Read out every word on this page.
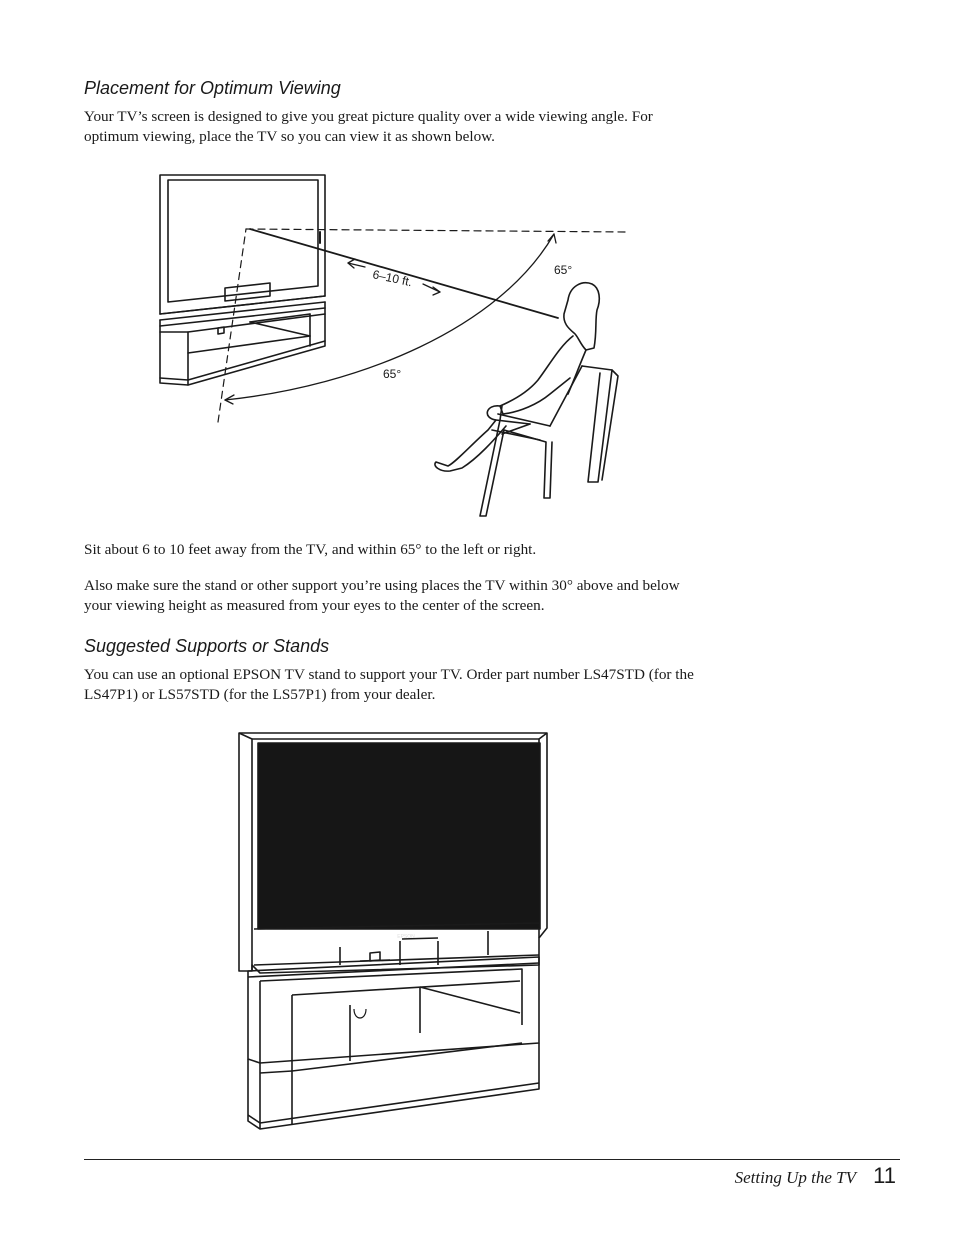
Placement for Optimum Viewing

Your TV’s screen is designed to give you great picture quality over a wide viewing angle. For optimum viewing, place the TV so you can view it as shown below.

6–10 ft.	65°
65°

Sit about 6 to 10 feet away from the TV, and within 65° to the left or right.

Also make sure the stand or other support you’re using places the TV within 30° above and below your viewing height as measured from your eyes to the center of the screen.

Suggested Supports or Stands

You can use an optional EPSON TV stand to support your TV. Order part number LS47STD (for the LS47P1) or LS57STD (for the LS57P1) from your dealer.

EPSON
Setting Up the TV 11
